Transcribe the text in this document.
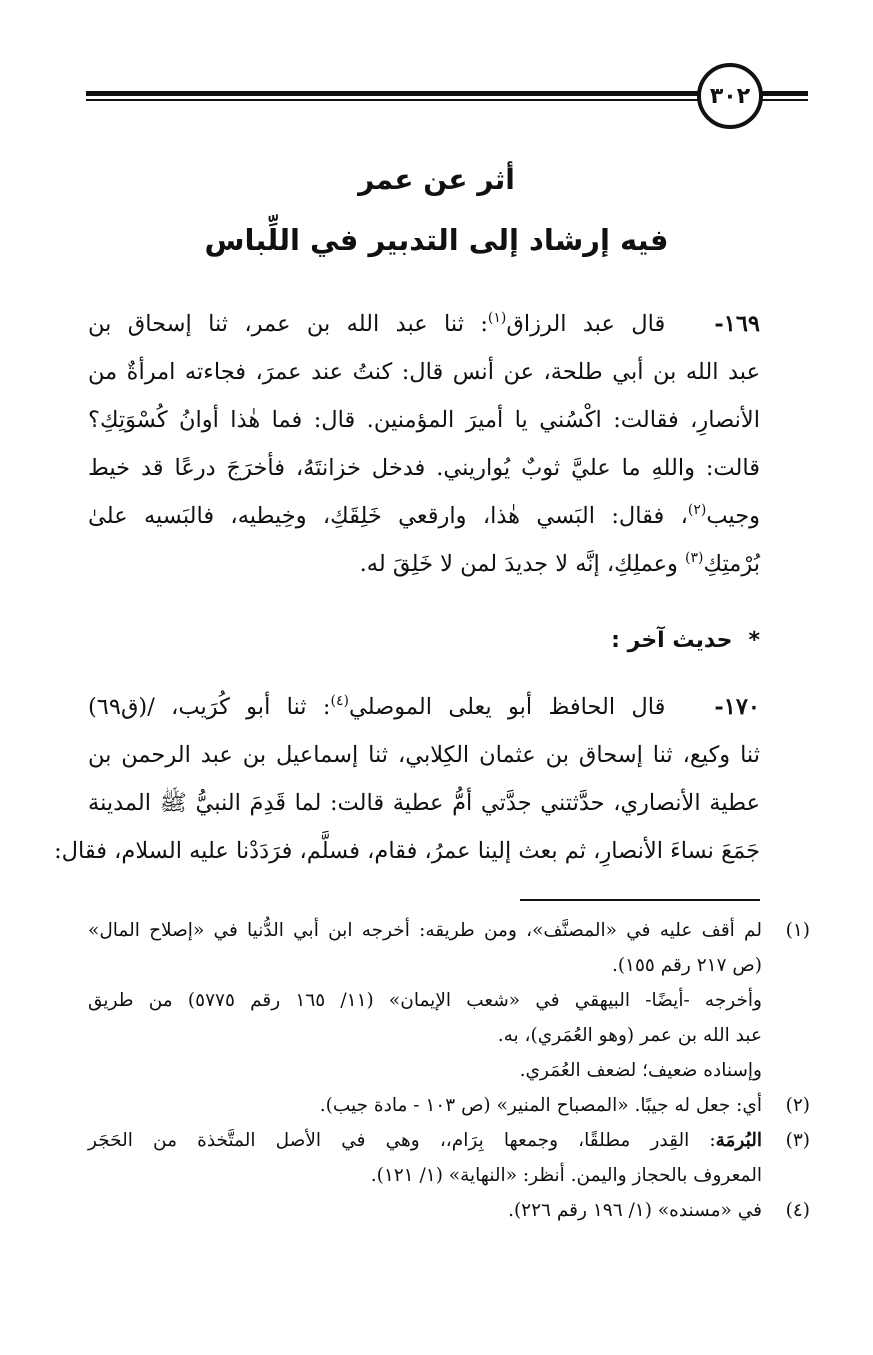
٣٠٢
أثر عن عمر
فيه إرشاد إلى التدبير في اللِّباس
١٦٩-   قال عبد الرزاق$^{(١)}$: ثنا عبد الله بن عمر، ثنا إسحاق بن
عبد الله بن أبي طلحة، عن أنس قال: كنتُ عند عمرَ، فجاءته امرأةٌ من
الأنصارِ، فقالت: اكْسُني يا أميرَ المؤمنين. قال: فما هٰذا أوانُ كُسْوَتِكِ؟
قالت: واللهِ ما عليَّ ثوبٌ يُواريني. فدخل خزانتَهُ، فأخرَجَ درعًا قد خيط
وجيب$^{(٢)}$، فقال: البَسي هٰذا، وارقعي خَلِقَكِ، وخِيطيه، فالبَسيه علىٰ
بُرْمتِكِ$^{(٣)}$ وعملِكِ، إنَّه لا جديدَ لمن لا خَلِقَ له.
*حديث آخر :
١٧٠-   قال الحافظ أبو يعلى الموصلي$^{(٤)}$: ثنا أبو كُرَيب، /(ق٦٩)
ثنا وكيع، ثنا إسحاق بن عثمان الكِلابي، ثنا إسماعيل بن عبد الرحمن بن
عطية الأنصاري، حدَّثتني جدَّتي أمُّ عطية قالت: لما قَدِمَ النبيُّ ﷺ المدينة
جَمَعَ نساءَ الأنصارِ، ثم بعث إلينا عمرُ، فقام، فسلَّم، فرَدَدْنا عليه السلام، فقال:
(١)
لم أقف عليه في «المصنَّف»، ومن طريقه: أخرجه ابن أبي الدُّنيا في «إصلاح المال»
(ص ٢١٧ رقم ١٥٥).
وأخرجه -أيضًا- البيهقي في «شعب الإيمان» (١١/ ١٦٥ رقم ٥٧٧٥) من طريق
عبد الله بن عمر (وهو العُمَري)، به.
وإسناده ضعيف؛ لضعف العُمَري.
(٢)
أي: جعل له جيبًا. «المصباح المنير» (ص ١٠٣ - مادة جيب).
(٣)
البُرمَة: القِدر مطلقًا، وجمعها بِرَام،، وهي في الأصل المتَّخذة من الحَجَر
المعروف بالحجاز واليمن. أنظر: «النهاية» (١/ ١٢١).
(٤)
في «مسنده» (١/ ١٩٦ رقم ٢٢٦).
